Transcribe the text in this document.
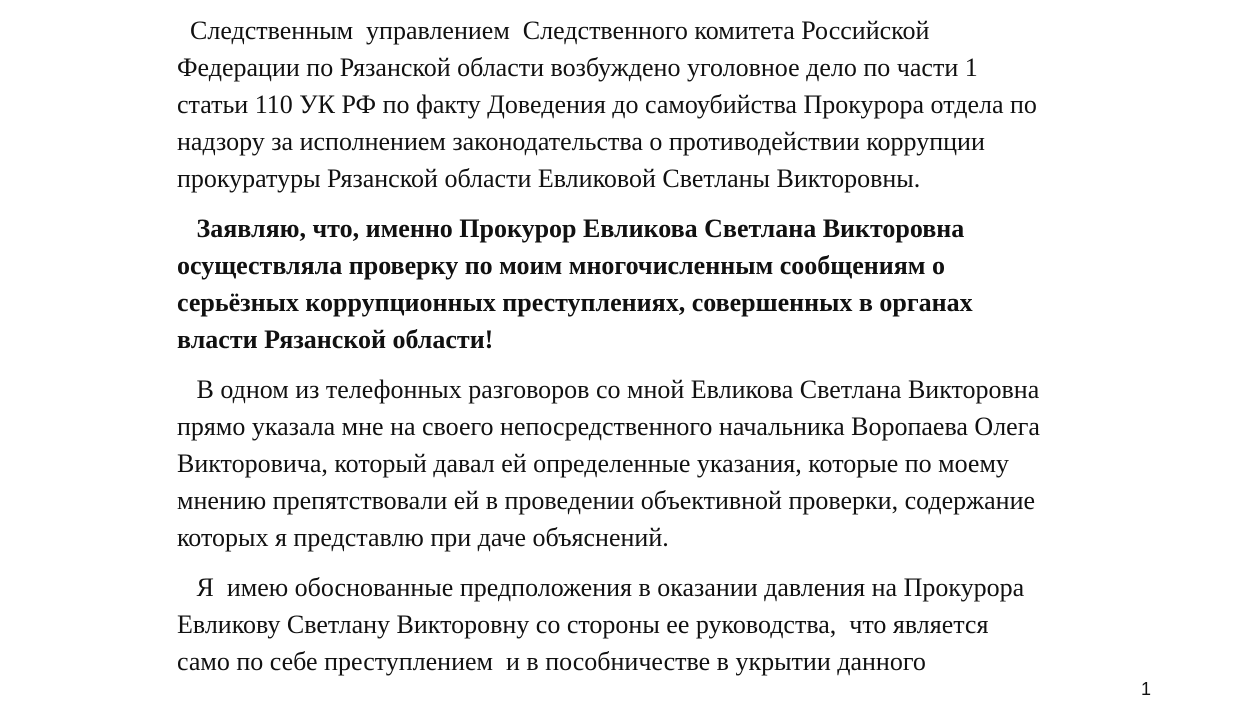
Следственным  управлением  Следственного комитета Российской
Федерации по Рязанской области возбуждено уголовное дело по части 1
статьи 110 УК РФ по факту Доведения до самоубийства Прокурора отдела по
надзору за исполнением законодательства о противодействии коррупции
прокуратуры Рязанской области Евликовой Светланы Викторовны.
Заявляю, что, именно Прокурор Евликова Светлана Викторовна
осуществляла проверку по моим многочисленным сообщениям о
серьёзных коррупционных преступлениях, совершенных в органах
власти Рязанской области!
В одном из телефонных разговоров со мной Евликова Светлана Викторовна
прямо указала мне на своего непосредственного начальника Воропаева Олега
Викторовича, который давал ей определенные указания, которые по моему
мнению препятствовали ей в проведении объективной проверки, содержание
которых я представлю при даче объяснений.
Я  имею обоснованные предположения в оказании давления на Прокурора
Евликову Светлану Викторовну со стороны ее руководства,  что является
само по себе преступлением  и в пособничестве в укрытии данного
1
